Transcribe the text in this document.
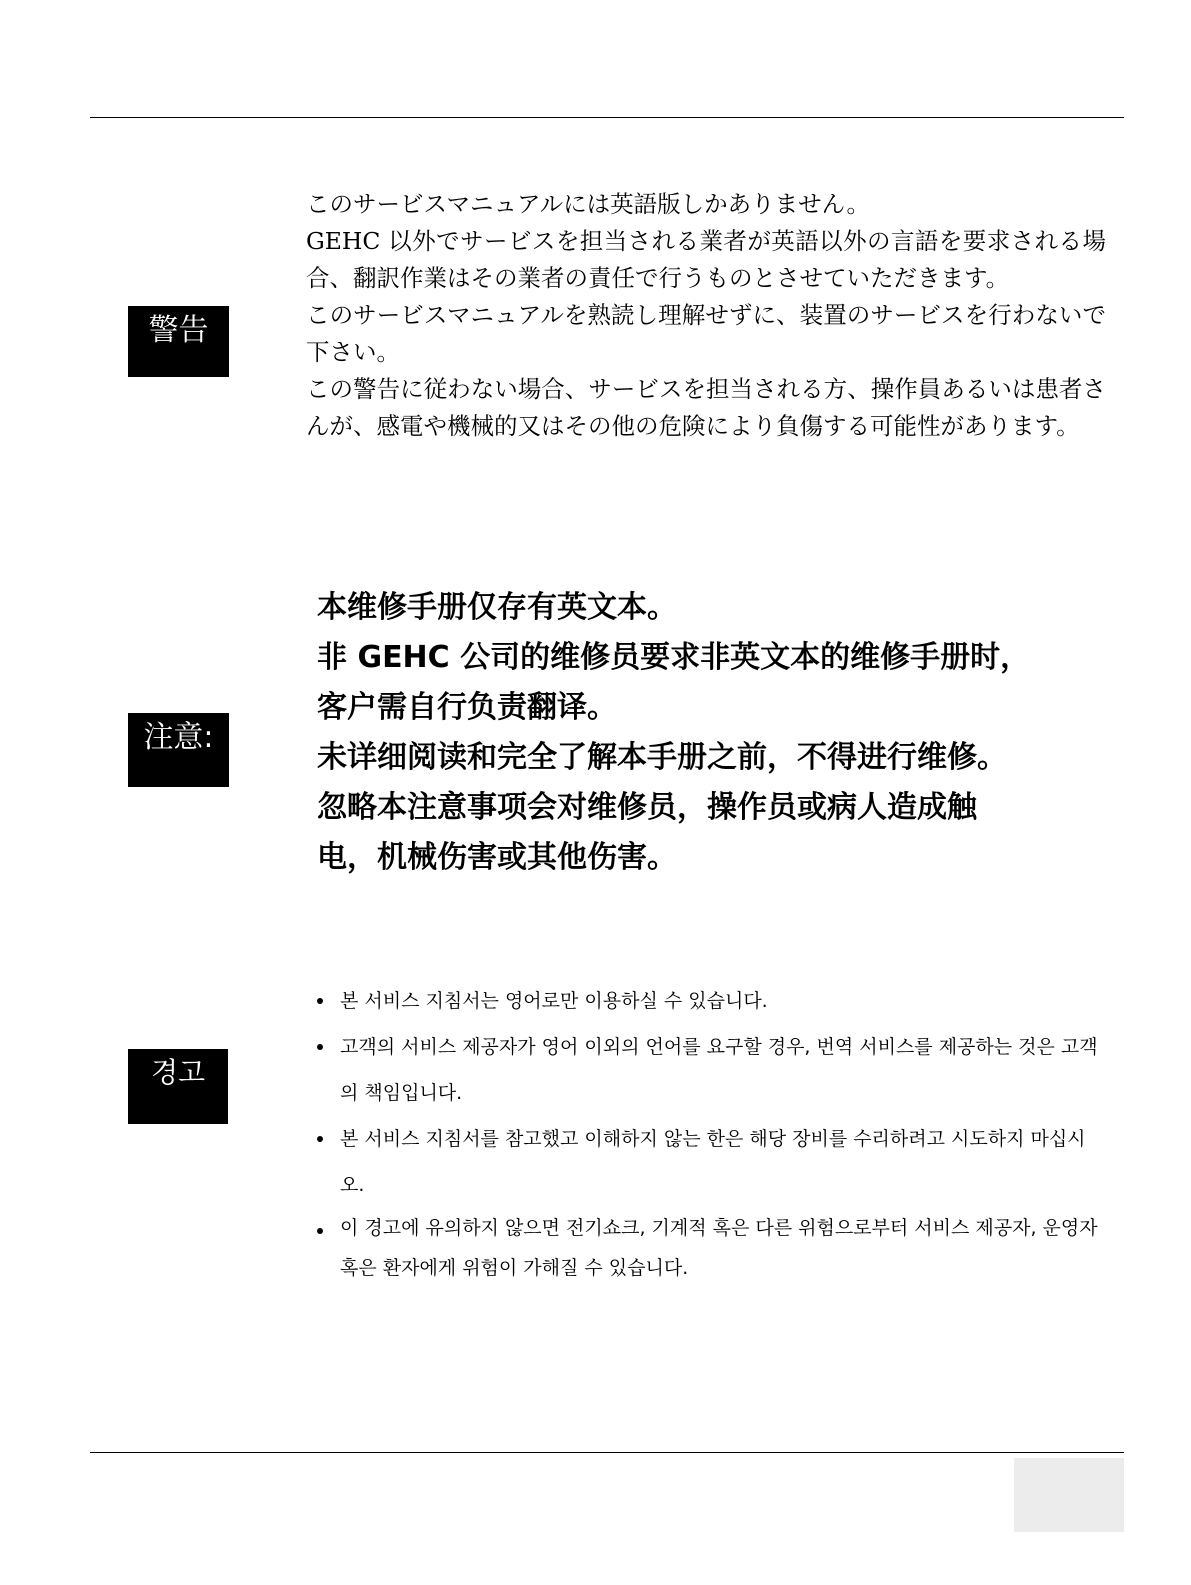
警告

このサービスマニュアルには英語版しかありません。

GEHC 以外でサービスを担当される業者が英語以外の言語を要求される場合、翻訳作業はその業者の責任で行うものとさせていただきます。

このサービスマニュアルを熟読し理解せずに、装置のサービスを行わないで下さい。

この警告に従わない場合、サービスを担当される方、操作員あるいは患者さんが、感電や機械的又はその他の危険により負傷する可能性があります。

注意:

本维修手册仅存有英文本。

非 GEHC 公司的维修员要求非英文本的维修手册时，

客户需自行负责翻译。

未详细阅读和完全了解本手册之前，不得进行维修。

忽略本注意事项会对维修员，操作员或病人造成触

电，机械伤害或其他伤害。

경고
본 서비스 지침서는 영어로만 이용하실 수 있습니다.
고객의 서비스 제공자가 영어 이외의 언어를 요구할 경우, 번역 서비스를 제공하는 것은 고객의 책임입니다.
본 서비스 지침서를 참고했고 이해하지 않는 한은 해당 장비를 수리하려고 시도하지 마십시오.
이 경고에 유의하지 않으면 전기쇼크, 기계적 혹은 다른 위험으로부터 서비스 제공자, 운영자 혹은 환자에게 위험이 가해질 수 있습니다.
